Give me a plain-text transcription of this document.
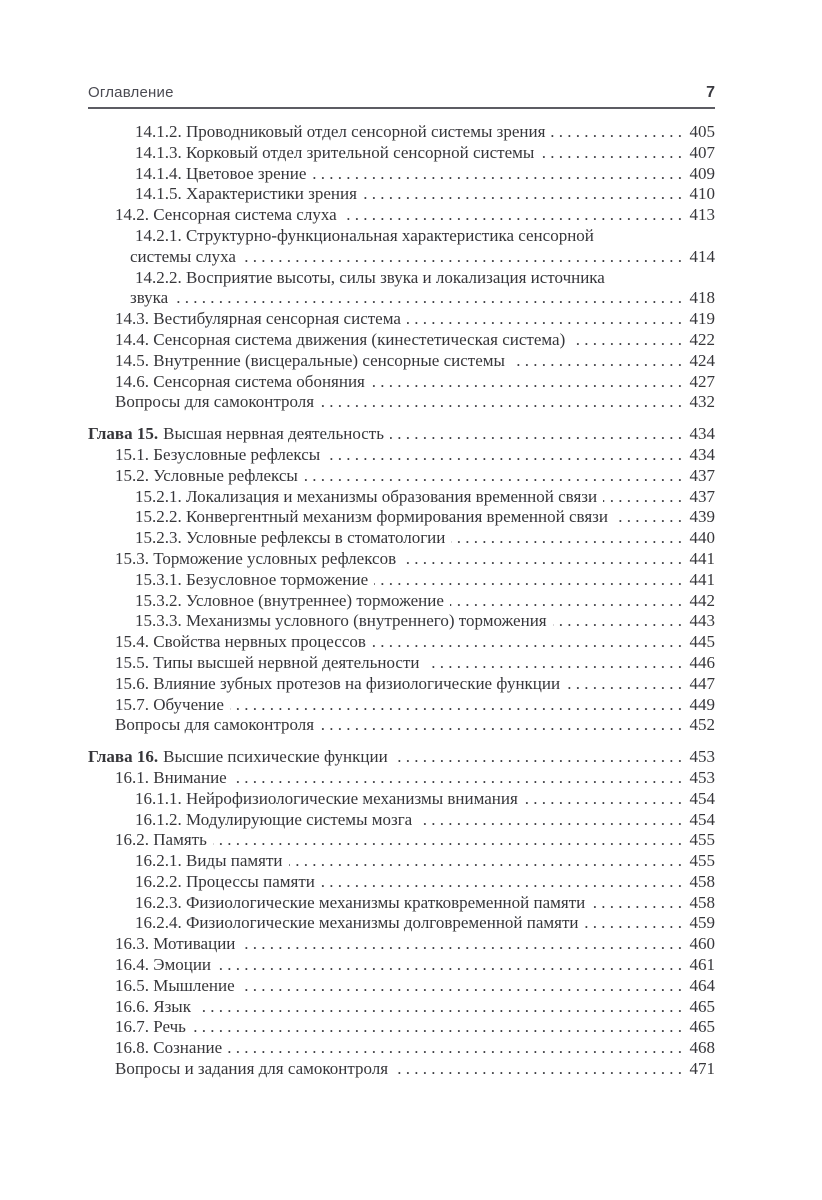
Оглавление	7
14.1.2. Проводниковый отдел сенсорной системы зрения . . .	405
14.1.3. Корковый отдел зрительной сенсорной системы . . .	407
14.1.4. Цветовое зрение . . .	409
14.1.5. Характеристики зрения . . .	410
14.2. Сенсорная система слуха . . .	413
14.2.1. Структурно-функциональная характеристика сенсорной
системы слуха . . .	414
14.2.2. Восприятие высоты, силы звука и локализация источника
звука . . .	418
14.3. Вестибулярная сенсорная система . . .	419
14.4. Сенсорная система движения (кинестетическая система) . . .	422
14.5. Внутренние (висцеральные) сенсорные системы . . .	424
14.6. Сенсорная система обоняния . . .	427
Вопросы для самоконтроля . . .	432
Глава 15. Высшая нервная деятельность . . .	434
15.1. Безусловные рефлексы . . .	434
15.2. Условные рефлексы . . .	437
15.2.1. Локализация и механизмы образования временной связи . . .	437
15.2.2. Конвергентный механизм формирования временной связи . . .	439
15.2.3. Условные рефлексы в стоматологии . . .	440
15.3. Торможение условных рефлексов . . .	441
15.3.1. Безусловное торможение . . .	441
15.3.2. Условное (внутреннее) торможение . . .	442
15.3.3. Механизмы условного (внутреннего) торможения . . .	443
15.4. Свойства нервных процессов . . .	445
15.5. Типы высшей нервной деятельности . . .	446
15.6. Влияние зубных протезов на физиологические функции . . .	447
15.7. Обучение . . .	449
Вопросы для самоконтроля . . .	452
Глава 16. Высшие психические функции . . .	453
16.1. Внимание . . .	453
16.1.1. Нейрофизиологические механизмы внимания . . .	454
16.1.2. Модулирующие системы мозга . . .	454
16.2. Память . . .	455
16.2.1. Виды памяти . . .	455
16.2.2. Процессы памяти . . .	458
16.2.3. Физиологические механизмы кратковременной памяти . . .	458
16.2.4. Физиологические механизмы долговременной памяти . . .	459
16.3. Мотивации . . .	460
16.4. Эмоции . . .	461
16.5. Мышление . . .	464
16.6. Язык . . .	465
16.7. Речь . . .	465
16.8. Сознание . . .	468
Вопросы и задания для самоконтроля . . .	471
